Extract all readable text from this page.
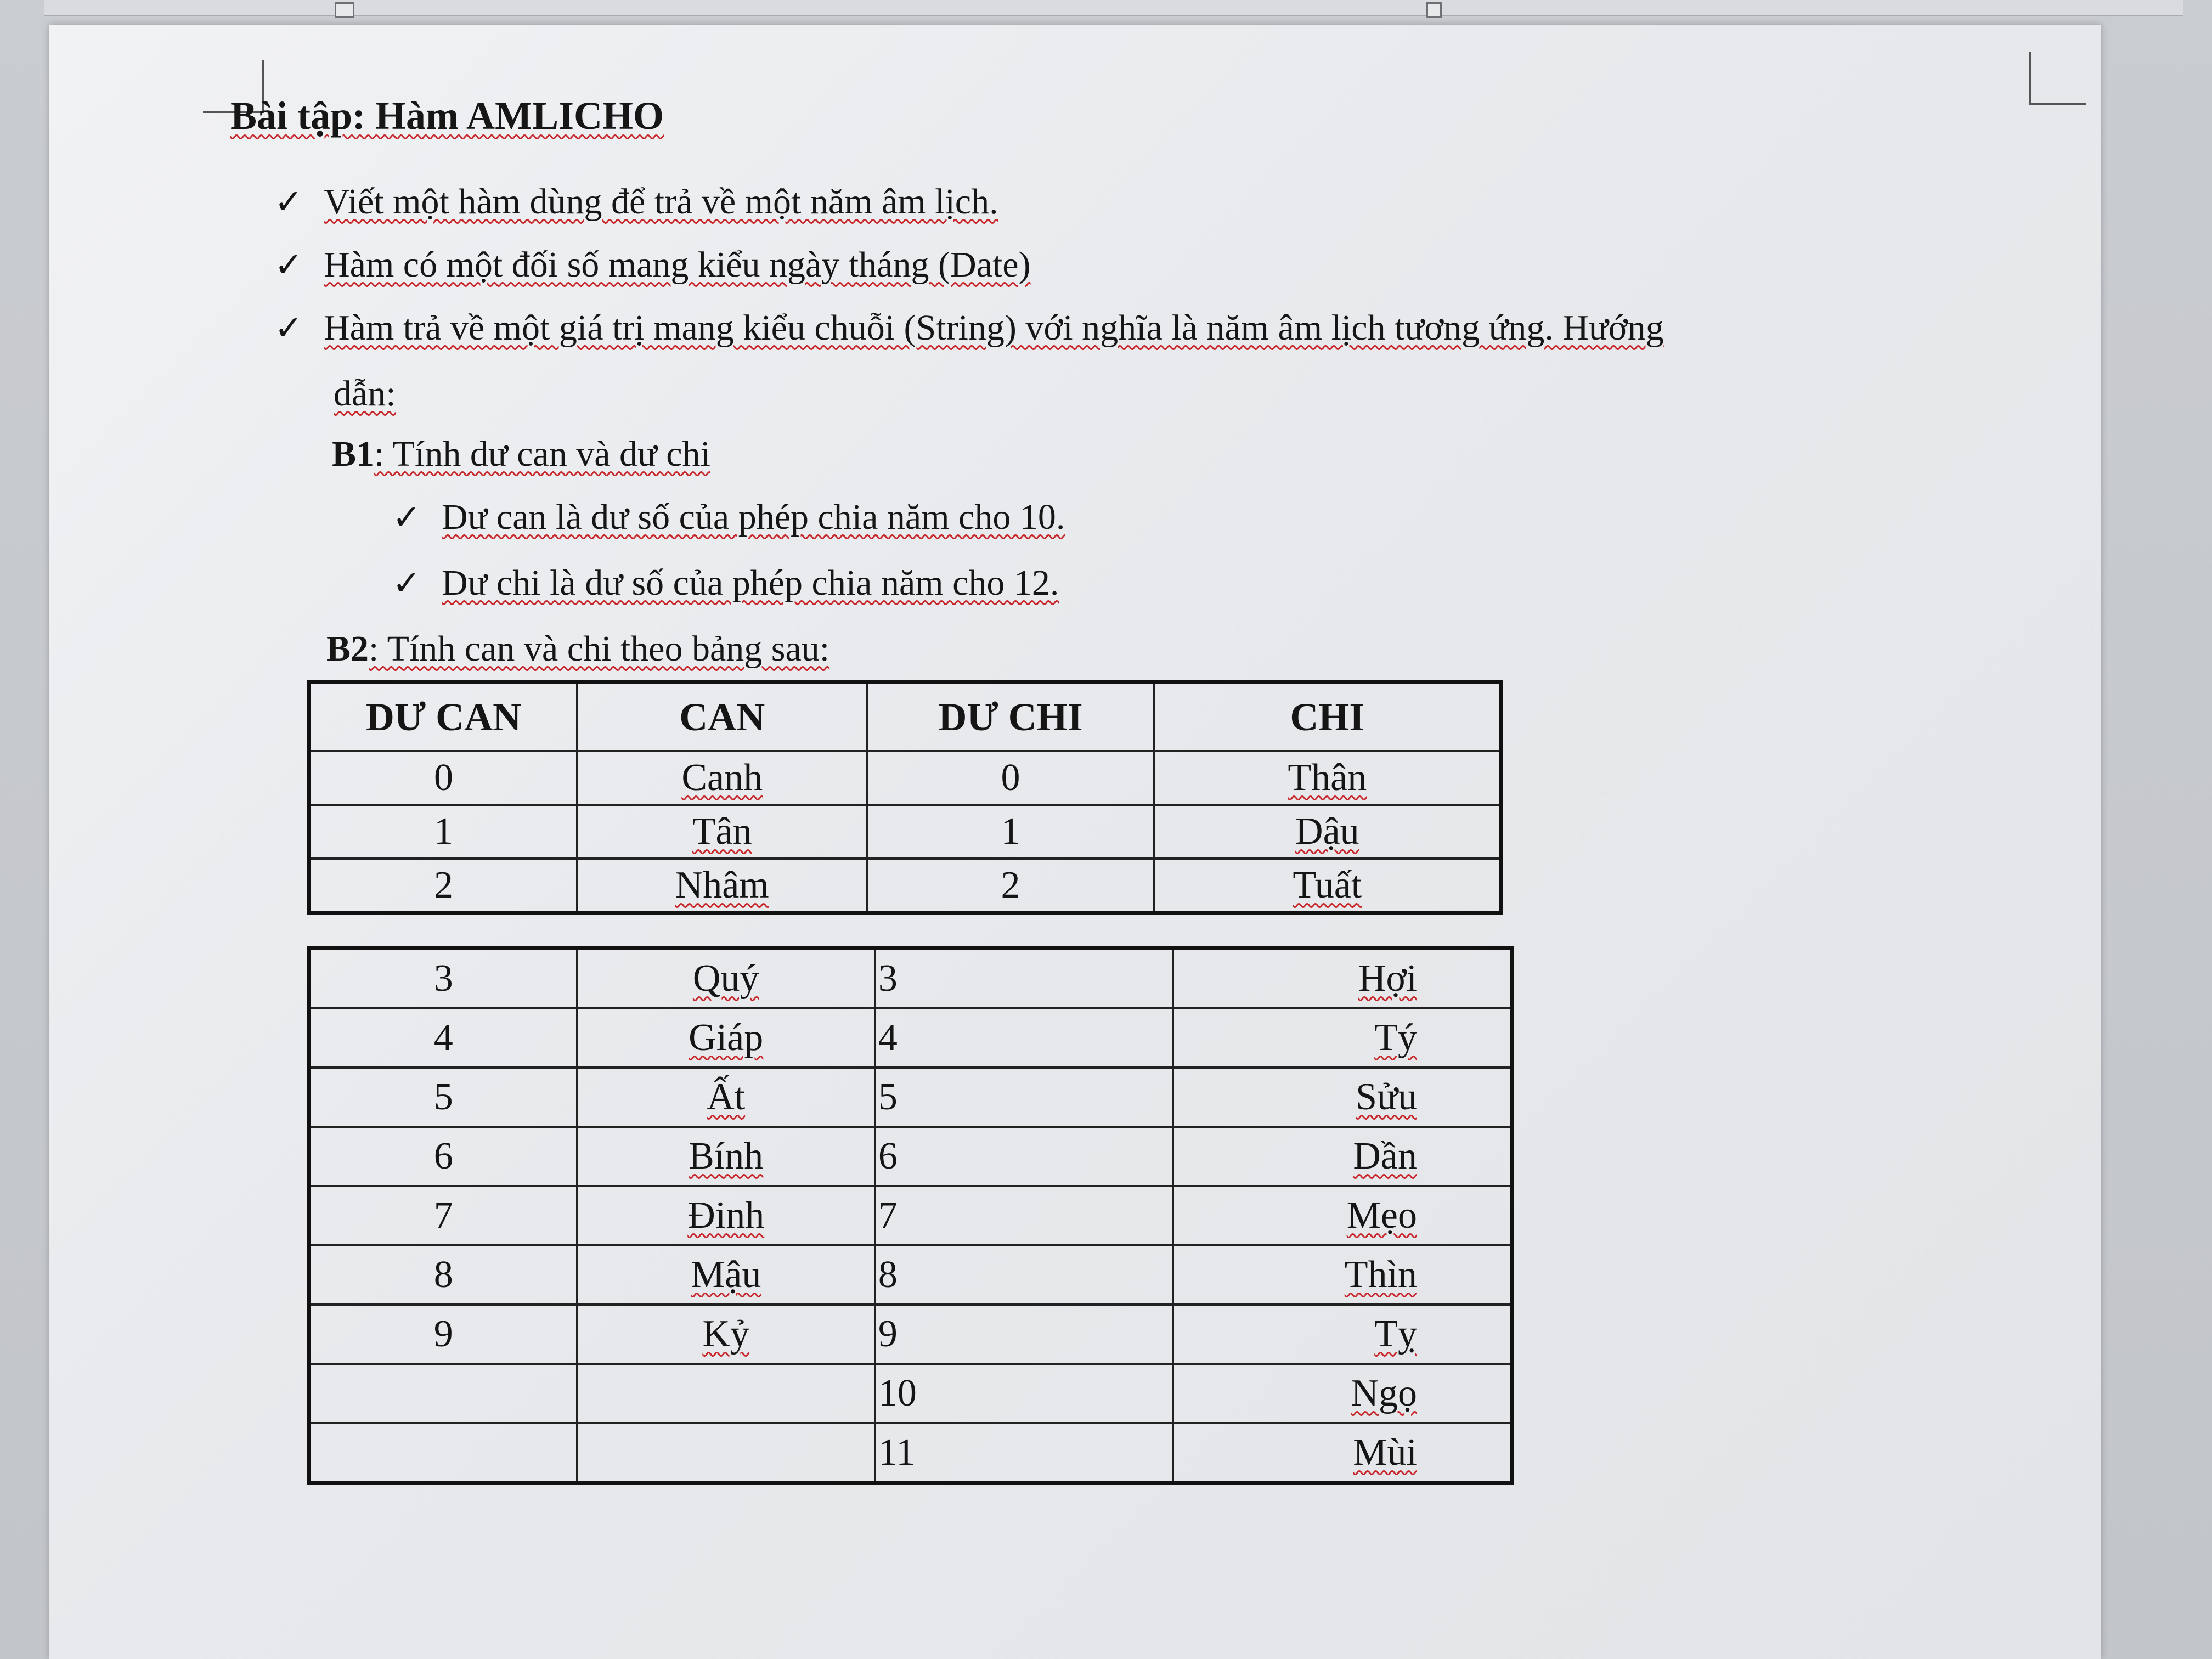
Bài tập: Hàm AMLICHO
✓ Viết một hàm dùng để trả về một năm âm lịch.
✓ Hàm có một đối số mang kiểu ngày tháng (Date)
✓ Hàm trả về một giá trị mang kiểu chuỗi (String) với nghĩa là năm âm lịch tương ứng. Hướng
dẫn:
B1: Tính dư can và dư chi
✓ Dư can là dư số của phép chia năm cho 10.
✓ Dư chi là dư số của phép chia năm cho 12.
B2: Tính can và chi theo bảng sau:
DƯ CAN	CAN	DƯ CHI	CHI
0	Canh	0	Thân
1	Tân	1	Dậu
2	Nhâm	2	Tuất
3	Quý	3	Hợi
4	Giáp	4	Tý
5	Ất	5	Sửu
6	Bính	6	Dần
7	Đinh	7	Mẹo
8	Mậu	8	Thìn
9	Kỷ	9	Tỵ
		10	Ngọ
		11	Mùi
